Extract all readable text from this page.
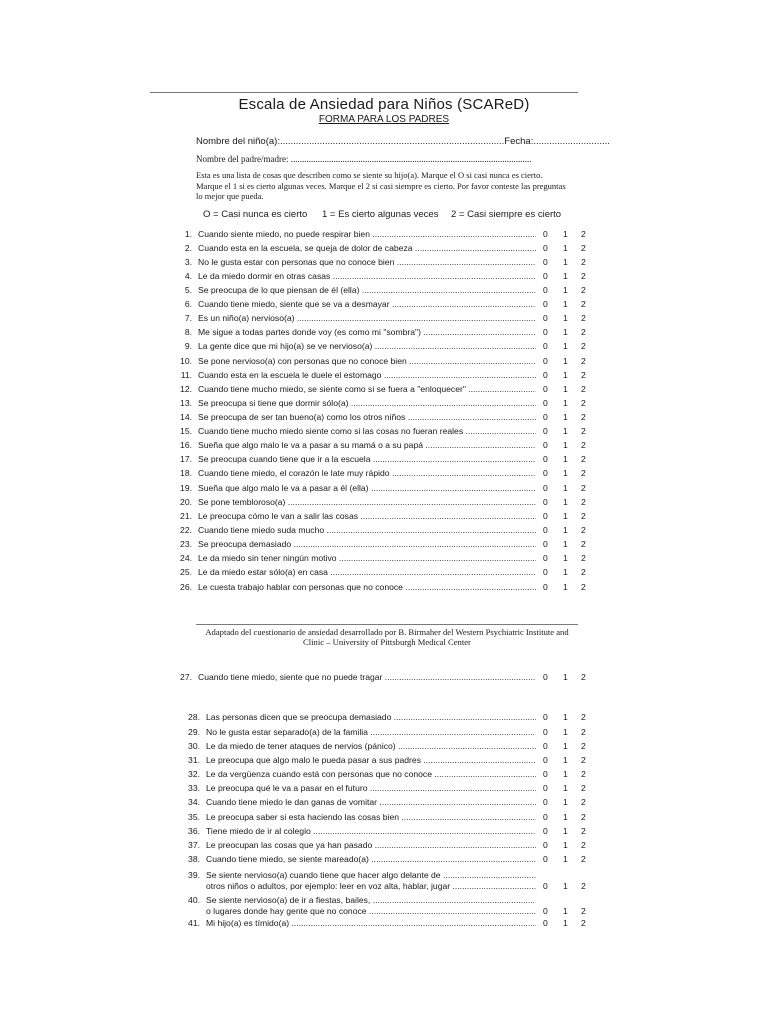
Escala de Ansiedad para Niños (SCAReD)
FORMA PARA LOS PADRES
Nombre del niño(a):.....................................................................................Fecha:.............................
Nombre del padre/madre: ...........................................................................................................
Esta es una lista de cosas que describen como se siente su hijo(a). Marque el O si casi nunca es cierto. Marque el 1 si es cierto algunas veces. Marque el 2 si casi siempre es cierto. Por favor conteste las preguntas lo mejor que pueda.
O = Casi nunca es cierto 1 = Es cierto algunas veces 2 = Casi siempre es cierto
1. Cuando siente miedo, no puede respirar bien .....	0 1 2
2. Cuando esta en la escuela, se queja de dolor de cabeza .....	0 1 2
3. No le gusta estar con personas que no conoce bien .....	0 1 2
4. Le da miedo dormir en otras casas .....	0 1 2
5. Se preocupa de lo que piensan de él (ella) .....	0 1 2
6. Cuando tiene miedo, siente que se va a desmayar .....	0 1 2
7. Es un niño(a) nervioso(a) .....	0 1 2
8. Me sigue a todas partes donde voy (es como mi "sombra") .....	0 1 2
9. La gente dice que mi hijo(a) se ve nervioso(a) .....	0 1 2
10. Se pone nervioso(a) con personas que no conoce bien .....	0 1 2
11. Cuando esta en la escuela le duele el estomago .....	0 1 2
12. Cuando tiene mucho miedo, se siente como si se fuera a "enloquecer" .....	0 1 2
13. Se preocupa si tiene que dormir sólo(a) .....	0 1 2
14. Se preocupa de ser tan bueno(a) como los otros niños .....	0 1 2
15. Cuando tiene mucho miedo siente como si las cosas no fueran reales .....	0 1 2
16. Sueña que algo malo le va a pasar a su mamá o a su papá .....	0 1 2
17. Se preocupa cuando tiene que ir a la escuela .....	0 1 2
18. Cuando tiene miedo, el corazón le late muy rápido .....	0 1 2
19. Sueña que algo malo le va a pasar a él (ella) .....	0 1 2
20. Se pone tembloroso(a) .....	0 1 2
21. Le preocupa cómo le van a salir las cosas .....	0 1 2
22. Cuando tiene miedo suda mucho .....	0 1 2
23. Se preocupa demasiado .....	0 1 2
24. Le da miedo sin tener ningún motivo .....	0 1 2
25. Le da miedo estar sólo(a) en casa .....	0 1 2
26. Le cuesta trabajo hablar con personas que no conoce .....	0 1 2
27. Cuando tiene miedo, siente que no puede tragar .....	0 1 2
28. Las personas dicen que se preocupa demasiado .....	0 1 2
29. No le gusta estar separado(a) de la familia .....	0 1 2
30. Le da miedo de tener ataques de nervios (pánico) .....	0 1 2
31. Le preocupa que algo malo le pueda pasar a sus padres .....	0 1 2
32. Le da vergüenza cuando está con personas que no conoce .....	0 1 2
33. Le preocupa qué le va a pasar en el futuro .....	0 1 2
34. Cuando tiene miedo le dan ganas de vomitar .....	0 1 2
35. Le preocupa saber si esta haciendo las cosas bien .....	0 1 2
36. Tiene miedo de ir al colegio .....	0 1 2
37. Le preocupan las cosas que ya han pasado .....	0 1 2
38. Cuando tiene miedo, se siente mareado(a) .....	0 1 2
39. Se siente nervioso(a) cuando tiene que hacer algo delante de .....
otros niños o adultos, por ejemplo: leer en voz alta, hablar, jugar .....	0 1 2
40. Se siente nervioso(a) de ir a fiestas, bailes, .....
o lugares donde hay gente que no conoce .....	0 1 2
41. Mi hijo(a) es tímido(a) .....	0 1 2
Adaptado del cuestionario de ansiedad desarrollado por B. Birmaher del Western Psychiatric Institute and Clinic – University of Pittsburgh Medical Center
